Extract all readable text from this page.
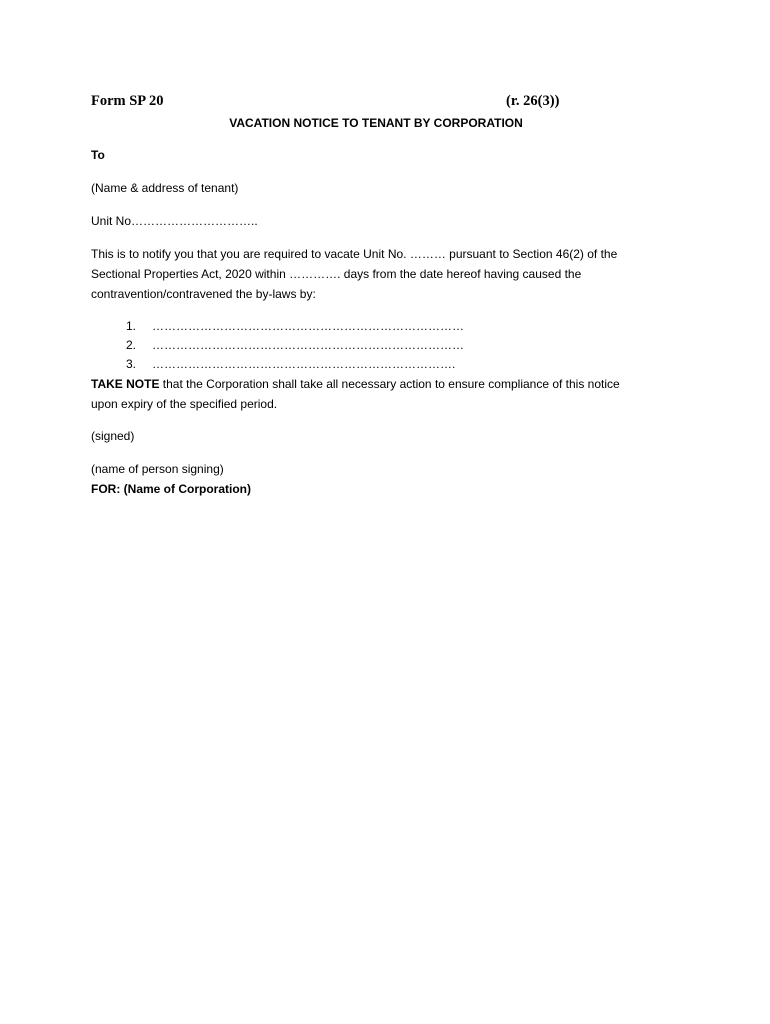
Form SP 20	(r. 26(3))
VACATION NOTICE TO TENANT BY CORPORATION
To
(Name & address of tenant)
Unit No…………………………..
This is to notify you that you are required to vacate Unit No. ……… pursuant to Section 46(2) of the
Sectional Properties Act, 2020 within …………. days from the date hereof having caused the
contravention/contravened the by-laws by:
1. ……………………………………………………………………
2. ……………………………………………………………………
3. ………………………………………………………………….
TAKE NOTE that the Corporation shall take all necessary action to ensure compliance of this notice
upon expiry of the specified period.
(signed)
(name of person signing)
FOR: (Name of Corporation)
